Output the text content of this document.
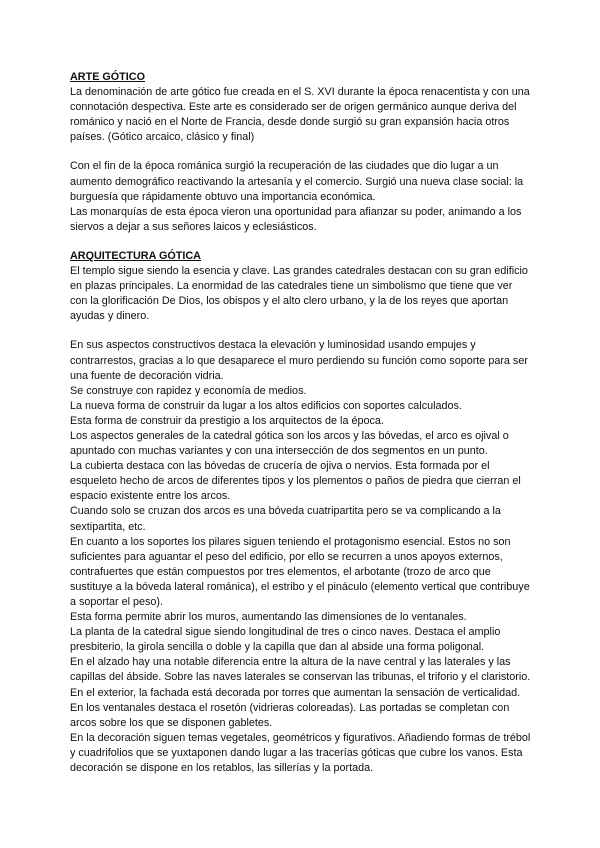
ARTE GÓTICO

La denominación de arte gótico fue creada en el S. XVI durante la época renacentista y con una connotación despectiva. Este arte es considerado ser de origen germánico aunque deriva del románico y nació en el Norte de Francia, desde donde surgió su gran expansión hacia otros países. (Gótico arcaico, clásico y final)

Con el fin de la época románica surgió la recuperación de las ciudades que dio lugar a un aumento demográfico reactivando la artesanía y el comercio. Surgió una nueva clase social: la burguesía que rápidamente obtuvo una importancia económica.

Las monarquías de esta época vieron una oportunidad para afianzar su poder, animando a los siervos a dejar a sus señores laicos y eclesiásticos.

ARQUITECTURA GÓTICA

El templo sigue siendo la esencia y clave. Las grandes catedrales destacan con su gran edificio en plazas principales. La enormidad de las catedrales tiene un simbolismo que tiene que ver con la glorificación De Dios, los obispos y el alto clero urbano, y la de los reyes que aportan ayudas y dinero.

En sus aspectos constructivos destaca la elevación y luminosidad usando empujes y contrarrestos, gracias a lo que desaparece el muro perdiendo su función como soporte para ser una fuente de decoración vidria.

Se construye con rapidez y economía de medios.

La nueva forma de construir da lugar a los altos edificios con soportes calculados.

Esta forma de construir da prestigio a los arquitectos de la época.

Los aspectos generales de la catedral gótica son los arcos y las bóvedas, el arco es ojival o apuntado con muchas variantes y con una intersección de dos segmentos en un punto.

La cubierta destaca con las bóvedas de crucería de ojiva o nervios. Esta formada por el esqueleto hecho de arcos de diferentes tipos y los plementos o paños de piedra que cierran el espacio existente entre los arcos.

Cuando solo se cruzan dos arcos es una bóveda cuatripartita pero se va complicando a la sextipartita, etc.

En cuanto a los soportes los pilares siguen teniendo el protagonismo esencial. Estos no son suficientes para aguantar el peso del edificio, por ello se recurren a unos apoyos externos, contrafuertes que están compuestos por tres elementos, el arbotante (trozo de arco que sustituye a la bóveda lateral románica), el estribo y el pináculo (elemento vertical que contribuye a soportar el peso).

Esta forma permite abrir los muros, aumentando las dimensiones de lo ventanales.

La planta de la catedral sigue siendo longitudinal de tres o cinco naves. Destaca el amplio presbiterio, la girola sencilla o doble y la capilla que dan al abside una forma poligonal.

En el alzado hay una notable diferencia entre la altura de la nave central y las laterales y las capillas del ábside. Sobre las naves laterales se conservan las tribunas, el triforio y el claristorio.

En el exterior, la fachada está decorada por torres que aumentan la sensación de verticalidad. En los ventanales destaca el rosetón (vidrieras coloreadas). Las portadas se completan con arcos sobre los que se disponen gabletes.

En la decoración siguen temas vegetales, geométricos y figurativos. Añadiendo formas de trébol y cuadrifolios que se yuxtaponen dando lugar a las tracerías góticas que cubre los vanos. Esta decoración se dispone en los retablos, las sillerías y la portada.
